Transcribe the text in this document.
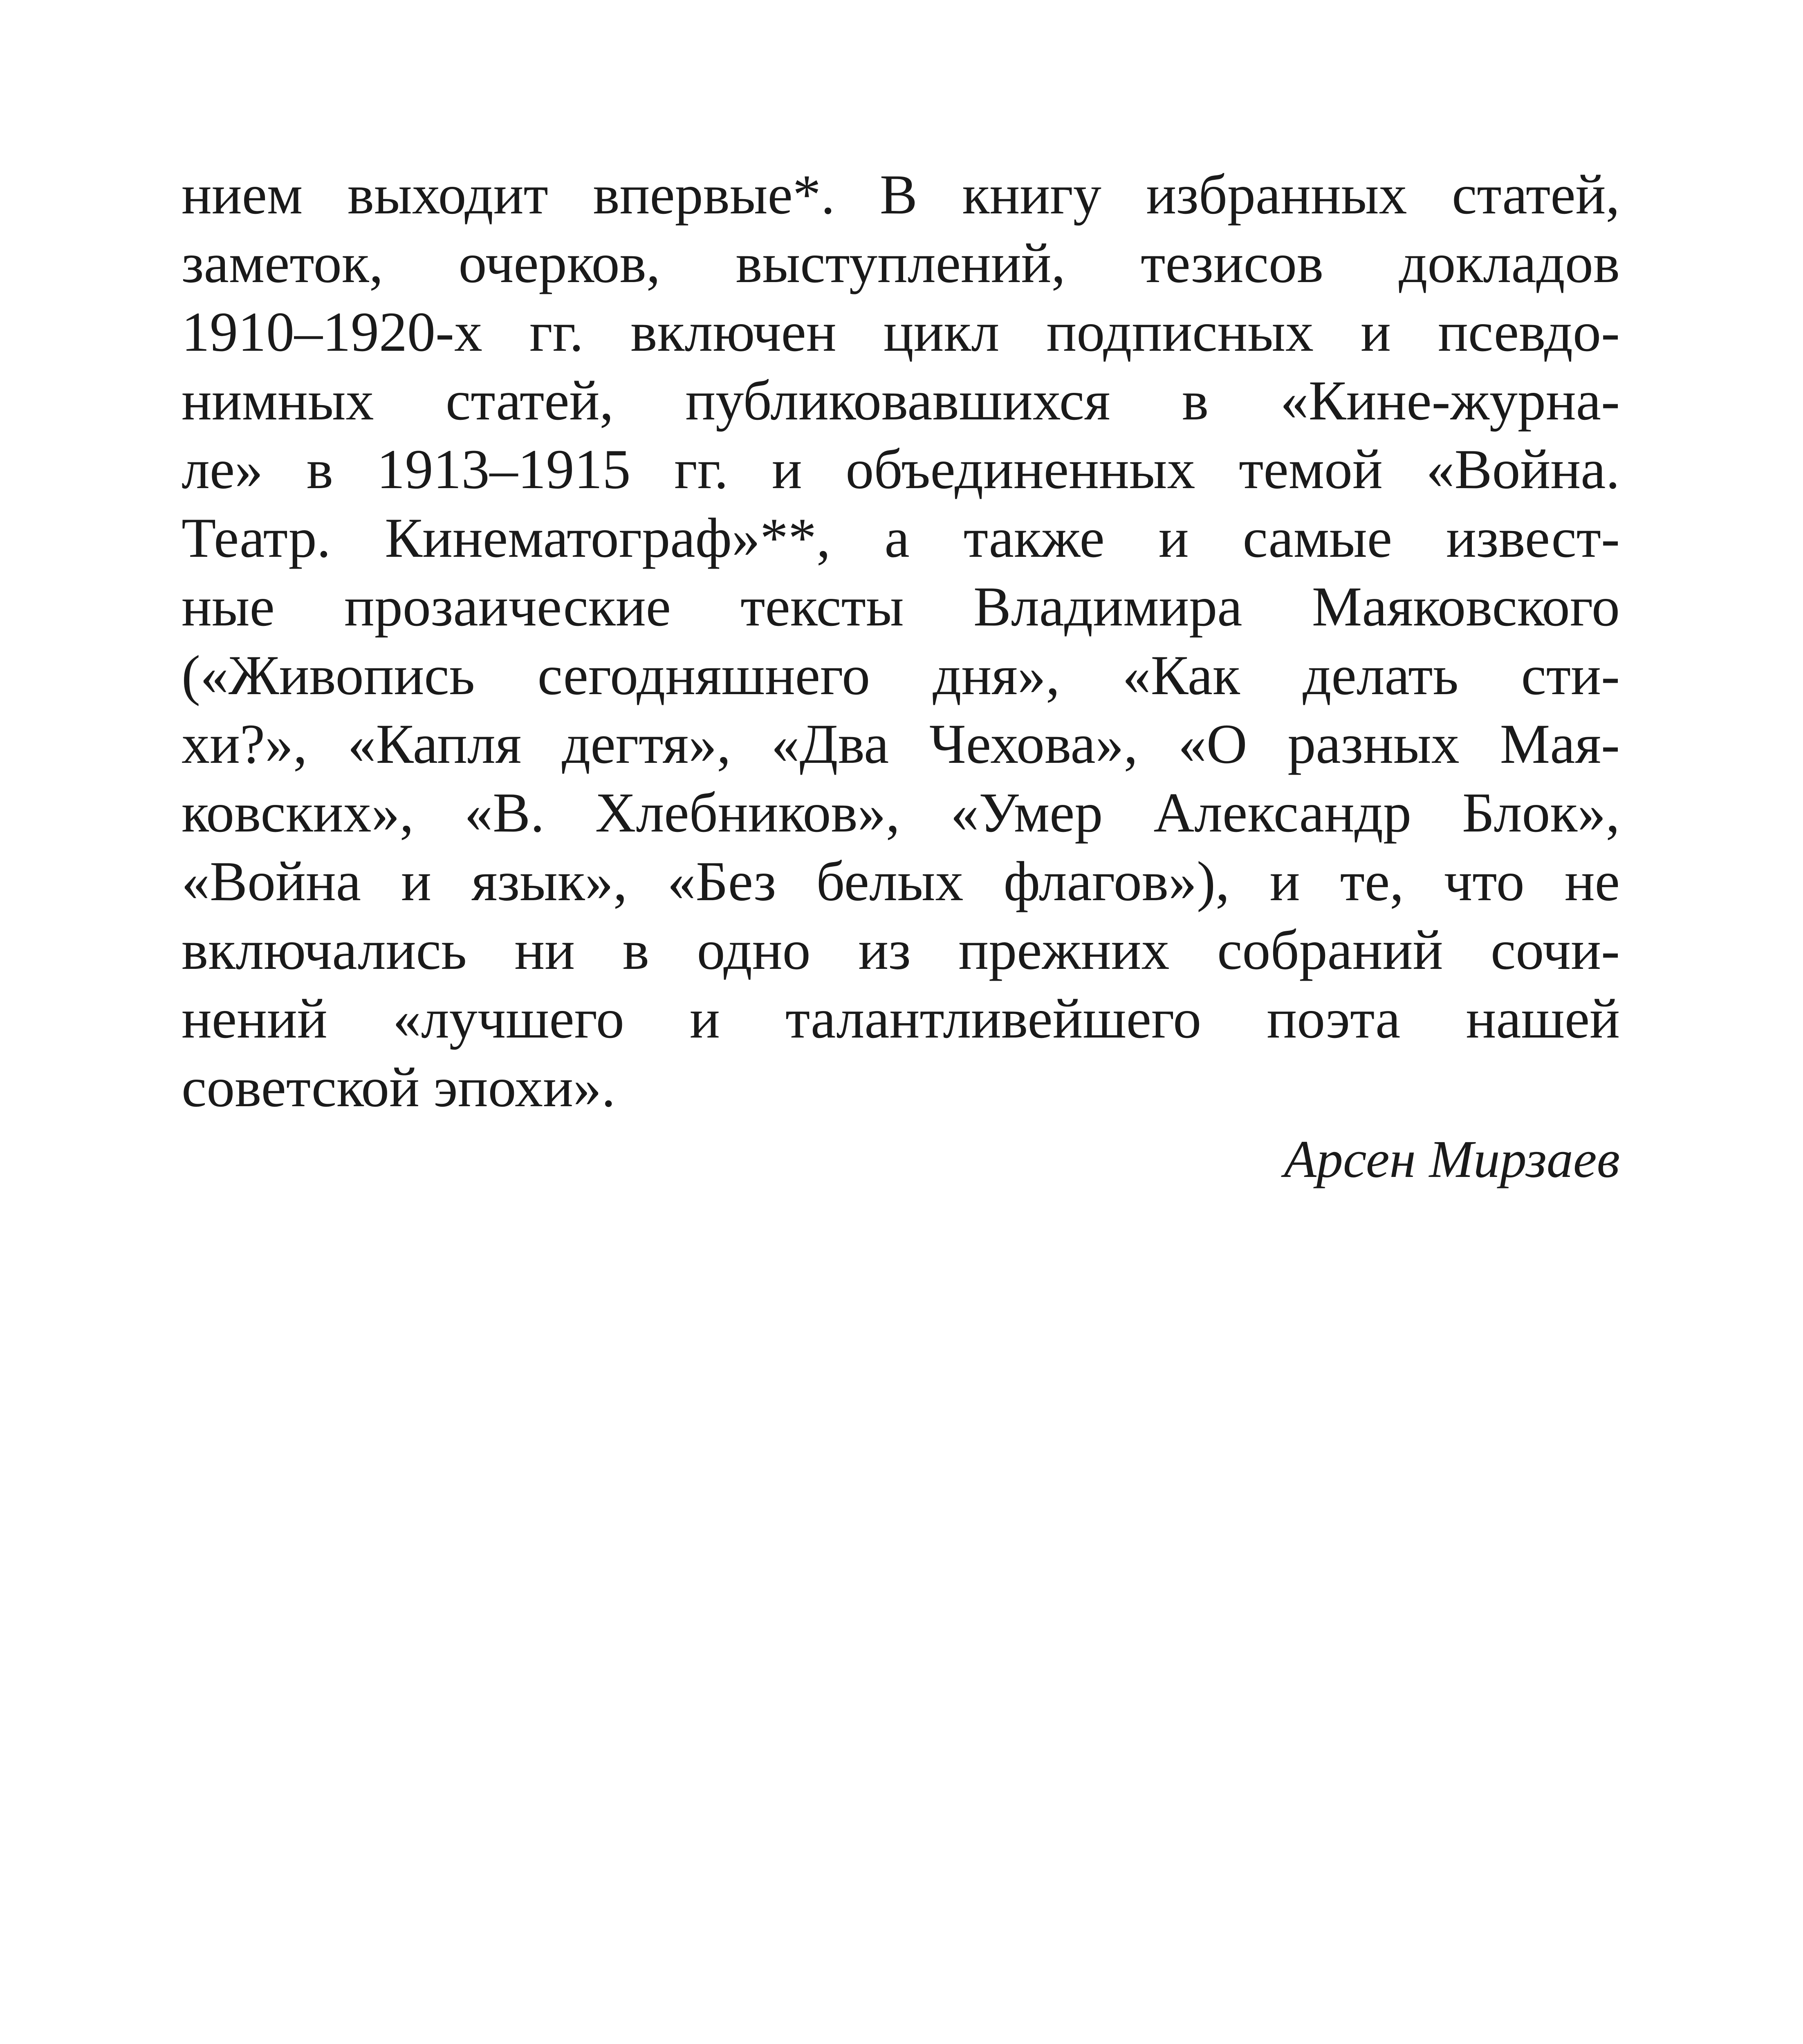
нием выходит впервые*. В книгу избранных статей,
заметок, очерков, выступлений, тезисов докладов
1910–1920-х гг. включен цикл подписных и псевдо-
нимных статей, публиковавшихся в «Кине-журна-
ле» в 1913–1915 гг. и объединенных темой «Война.
Театр. Кинематограф»**, а также и самые извест-
ные прозаические тексты Владимира Маяковского
(«Живопись сегодняшнего дня», «Как делать сти-
хи?», «Капля дегтя», «Два Чехова», «О разных Мая-
ковских», «В. Хлебников», «Умер Александр Блок»,
«Война и язык», «Без белых флагов»), и те, что не
включались ни в одно из прежних собраний сочи-
нений «лучшего и талантливейшего поэта нашей
советской эпохи».

Арсен Мирзаев
